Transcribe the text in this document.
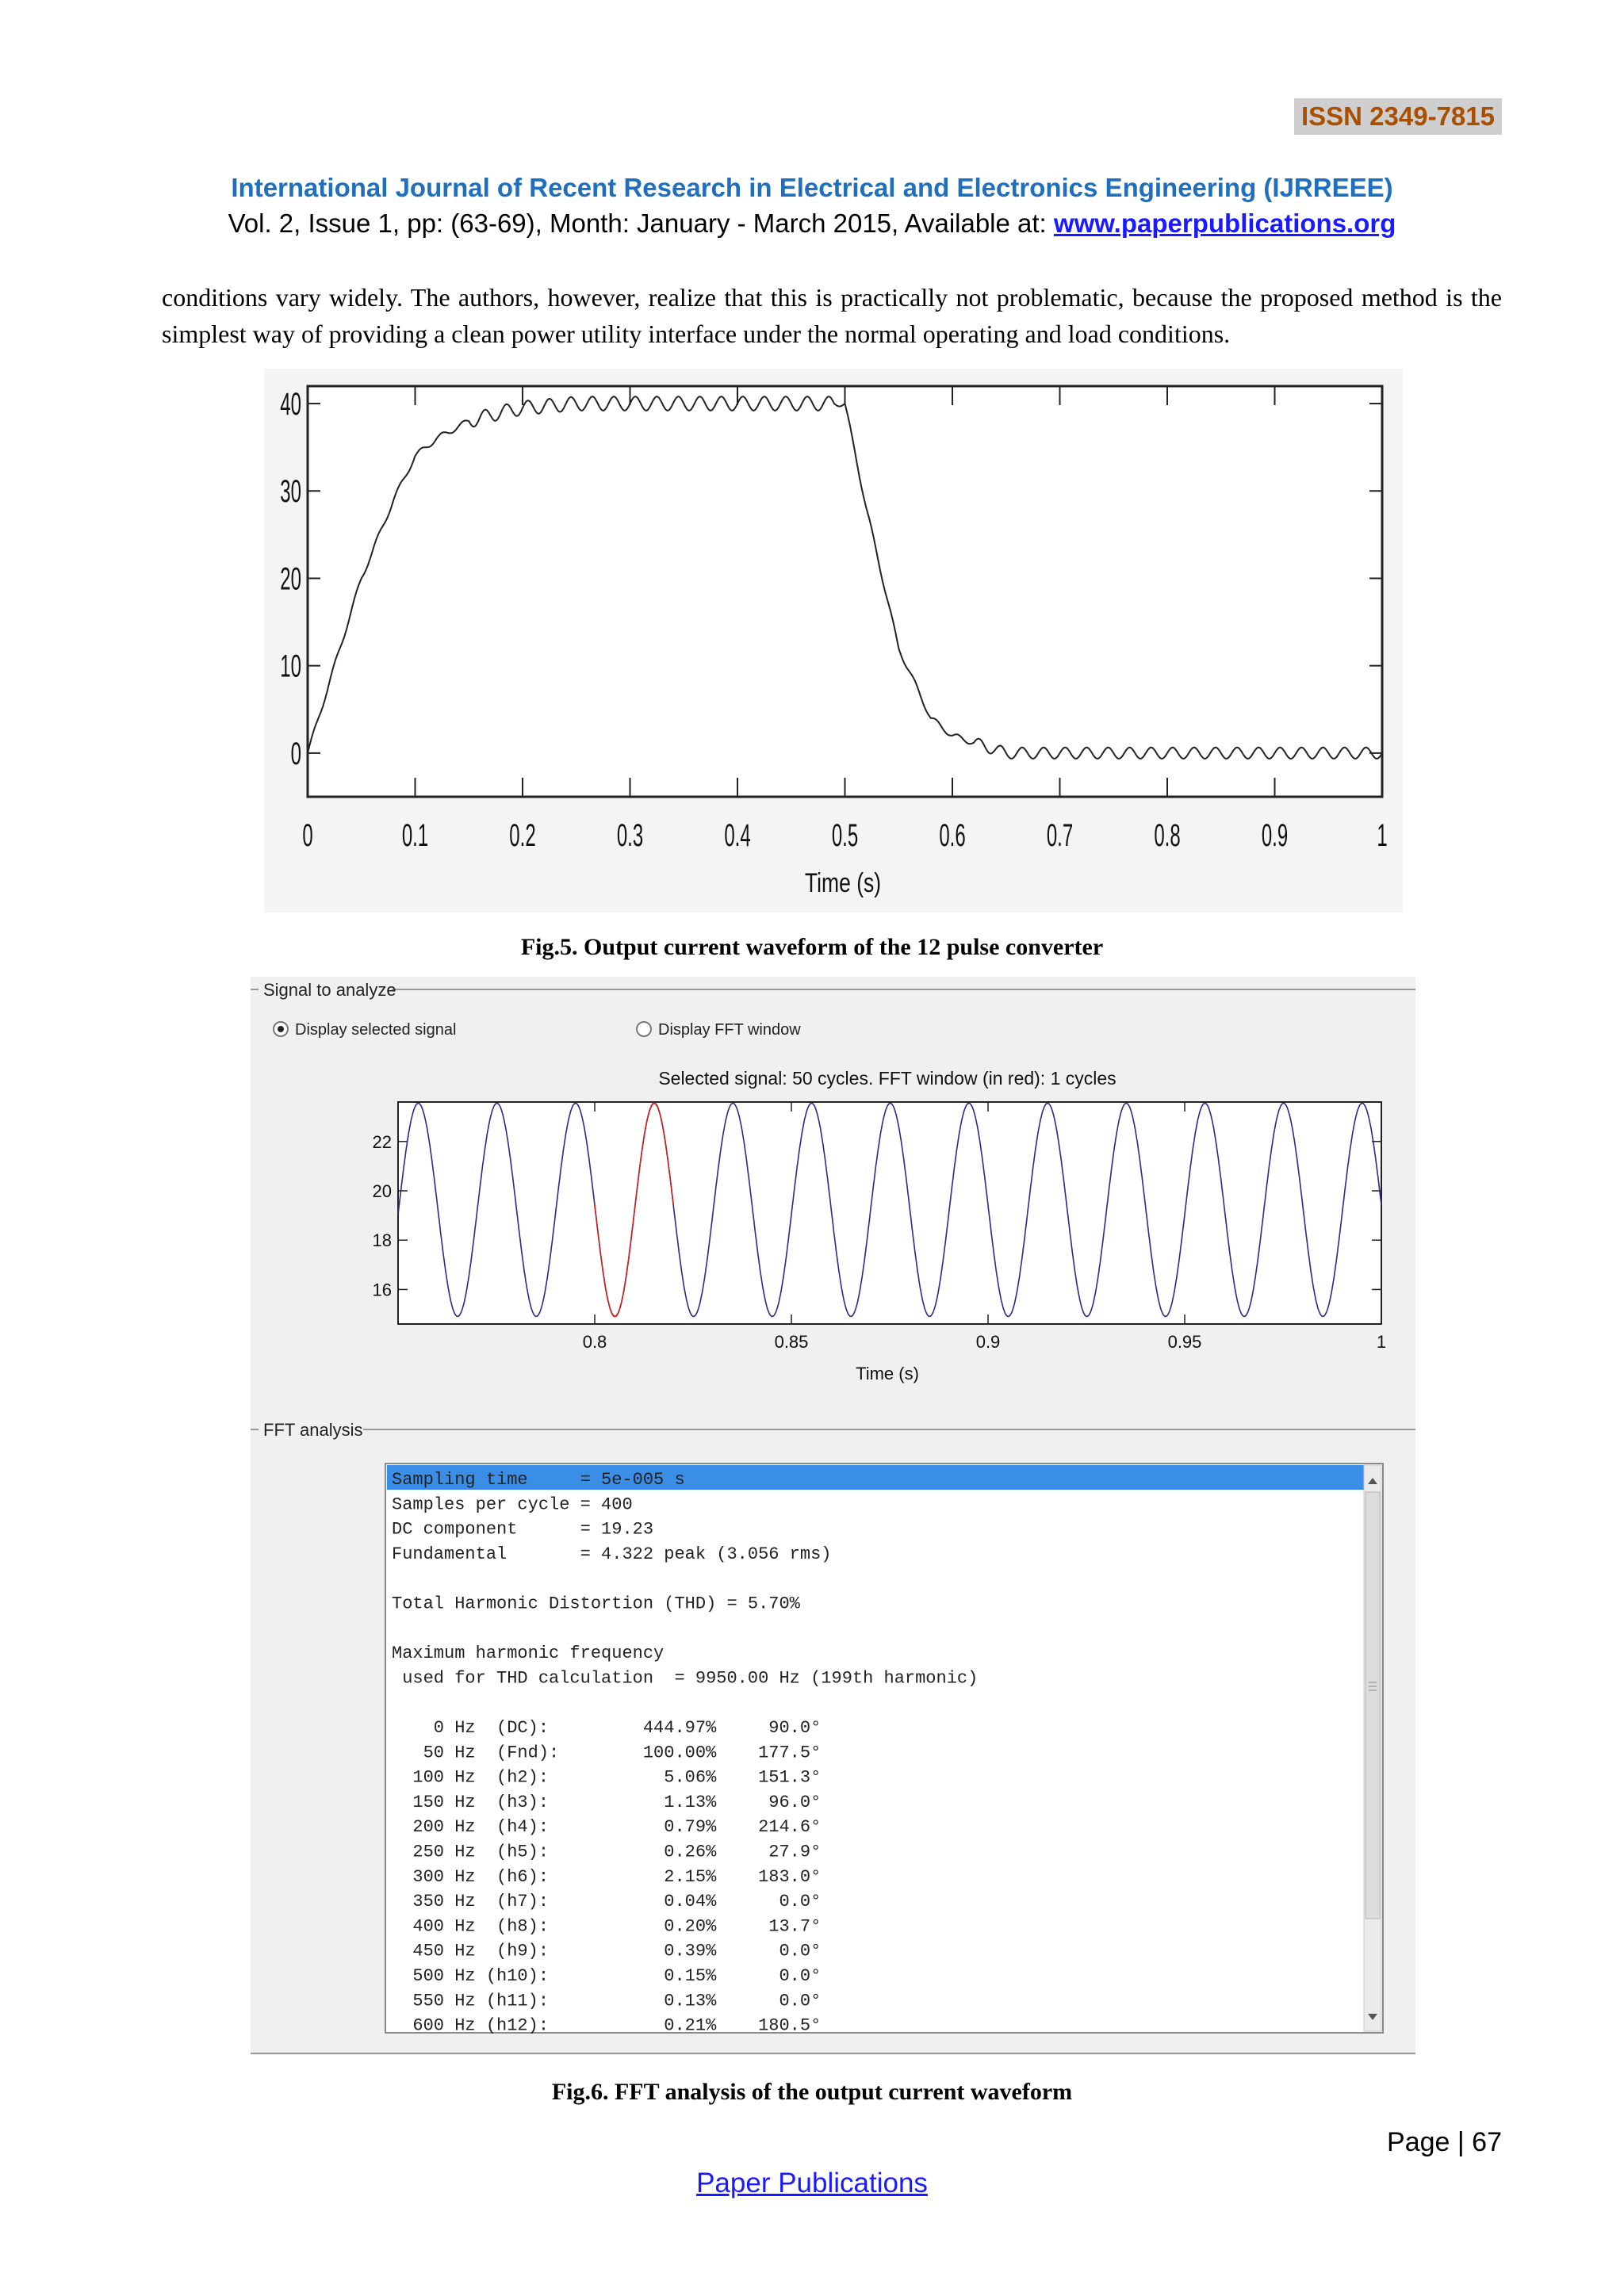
ISSN 2349-7815
International Journal of Recent Research in Electrical and Electronics Engineering (IJRREEE)
Vol. 2, Issue 1, pp: (63-69), Month: January - March 2015, Available at: www.paperpublications.org

conditions vary widely. The authors, however, realize that this is practically not problematic, because the proposed method is the simplest way of providing a clean power utility interface under the normal operating and load conditions.

0	0.1	0.2	0.3	0.4	0.5	0.6	0.7	0.8	0.9	1
0
10
20
30
40
Time (s)
Fig.5. Output current waveform of the 12 pulse converter
Signal to analyze
Display selected signal	Display FFT window
Selected signal: 50 cycles. FFT window (in red): 1 cycles
0.8	0.85	0.9	0.95	1
16
18
20
22
Time (s)
FFT analysis
Sampling time     = 5e-005 s
Samples per cycle = 400
DC component      = 19.23
Fundamental       = 4.322 peak (3.056 rms)
Total Harmonic Distortion (THD) = 5.70%
Maximum harmonic frequency
used for THD calculation  = 9950.00 Hz (199th harmonic)
0 Hz  (DC):         444.97%     90.0°
50 Hz  (Fnd):        100.00%    177.5°
100 Hz  (h2):           5.06%    151.3°
150 Hz  (h3):           1.13%     96.0°
200 Hz  (h4):           0.79%    214.6°
250 Hz  (h5):           0.26%     27.9°
300 Hz  (h6):           2.15%    183.0°
350 Hz  (h7):           0.04%      0.0°
400 Hz  (h8):           0.20%     13.7°
450 Hz  (h9):           0.39%      0.0°
500 Hz (h10):           0.15%      0.0°
550 Hz (h11):           0.13%      0.0°
600 Hz (h12):           0.21%    180.5°
Fig.6. FFT analysis of the output current waveform
Page | 67
Paper Publications
